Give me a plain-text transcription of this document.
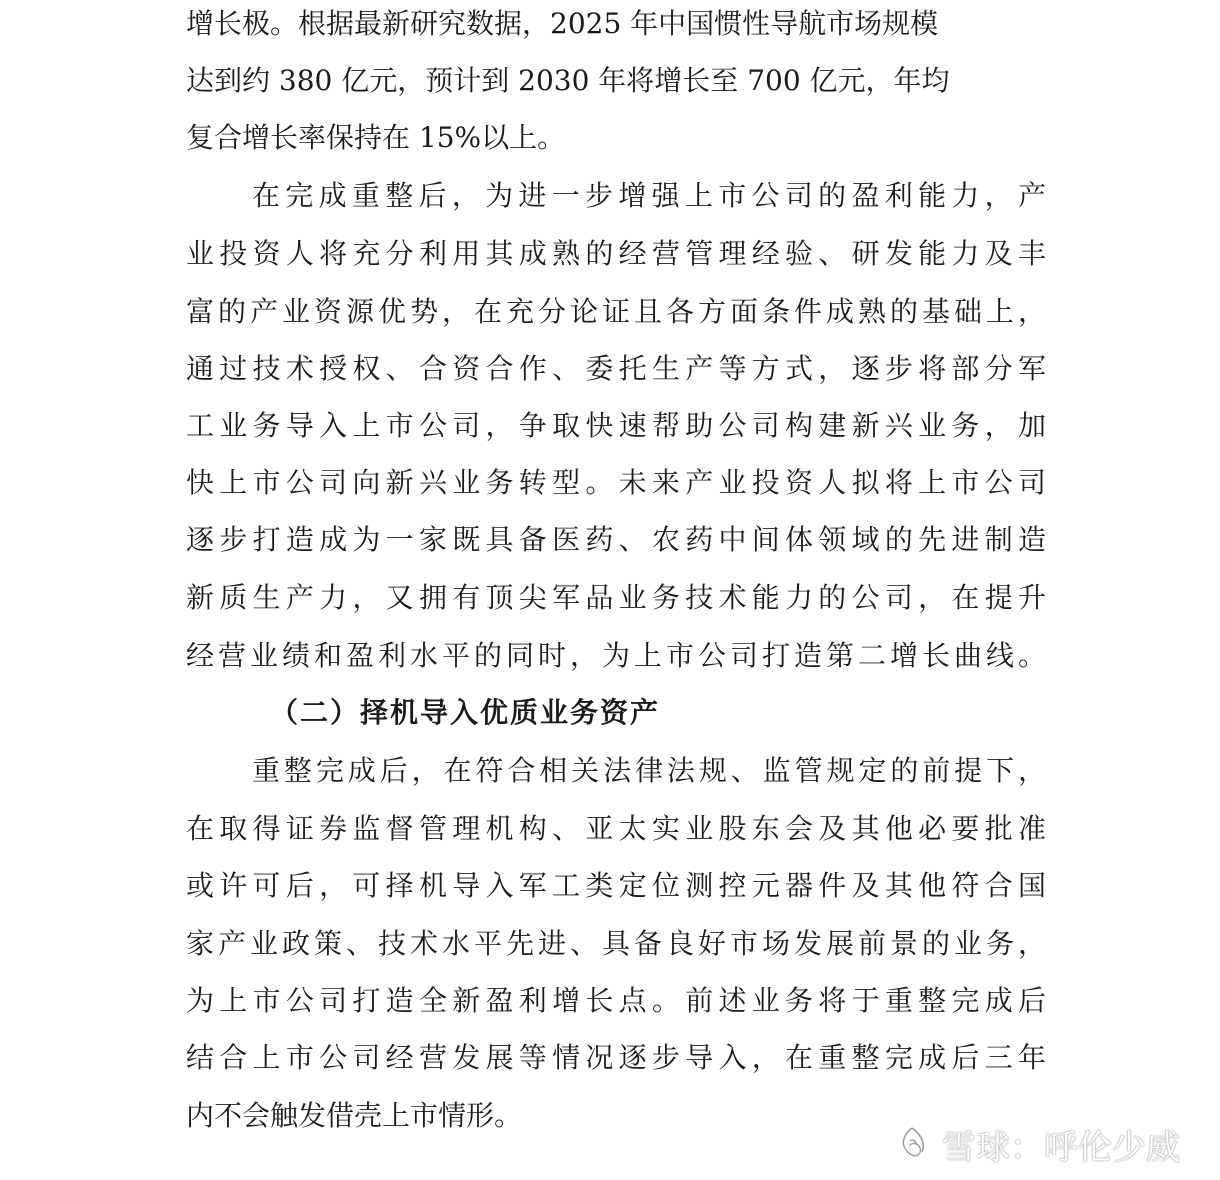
增长极。根据最新研究数据，2025 年中国惯性导航市场规模

达到约 380 亿元，预计到 2030 年将增长至 700 亿元，年均

复合增长率保持在 15%以上。

在完成重整后，为进一步增强上市公司的盈利能力，产

业投资人将充分利用其成熟的经营管理经验、研发能力及丰

富的产业资源优势，在充分论证且各方面条件成熟的基础上，

通过技术授权、合资合作、委托生产等方式，逐步将部分军

工业务导入上市公司，争取快速帮助公司构建新兴业务，加

快上市公司向新兴业务转型。未来产业投资人拟将上市公司

逐步打造成为一家既具备医药、农药中间体领域的先进制造

新质生产力，又拥有顶尖军品业务技术能力的公司，在提升

经营业绩和盈利水平的同时，为上市公司打造第二增长曲线。

（二）择机导入优质业务资产

重整完成后，在符合相关法律法规、监管规定的前提下，

在取得证券监督管理机构、亚太实业股东会及其他必要批准

或许可后，可择机导入军工类定位测控元器件及其他符合国

家产业政策、技术水平先进、具备良好市场发展前景的业务，

为上市公司打造全新盈利增长点。前述业务将于重整完成后

结合上市公司经营发展等情况逐步导入，在重整完成后三年

内不会触发借壳上市情形。

雪球：呼伦少威
